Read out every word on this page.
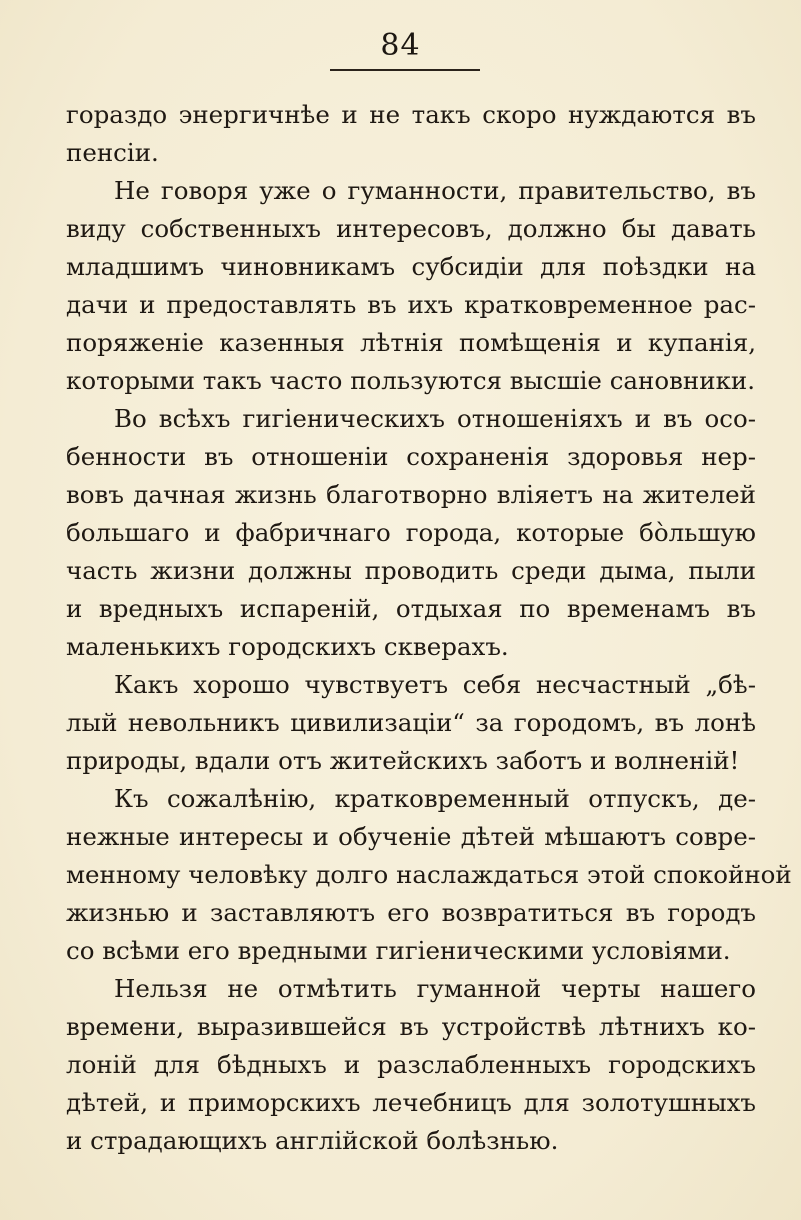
84
гораздо энергичнѣе и не такъ скоро нуждаются въ
пенсіи.
Не говоря уже о гуманности, правительство, въ
виду собственныхъ интересовъ, должно бы давать
младшимъ чиновникамъ субсидіи для поѣздки на
дачи и предоставлять въ ихъ кратковременное рас-
поряженіе казенныя лѣтнія помѣщенія и купанія,
которыми такъ часто пользуются высшіе сановники.
Во всѣхъ гигіеническихъ отношеніяхъ и въ осо-
бенности въ отношеніи сохраненія здоровья нер-
вовъ дачная жизнь благотворно вліяетъ на жителей
большаго и фабричнаго города, которые бо̀льшую
часть жизни должны проводить среди дыма, пыли
и вредныхъ испареній, отдыхая по временамъ въ
маленькихъ городскихъ скверахъ.
Какъ хорошо чувствуетъ себя несчастный „бѣ-
лый невольникъ цивилизаціи“ за городомъ, въ лонѣ
природы, вдали отъ житейскихъ заботъ и волненій!
Къ сожалѣнію, кратковременный отпускъ, де-
нежные интересы и обученіе дѣтей мѣшаютъ совре-
менному человѣку долго наслаждаться этой спокойной
жизнью и заставляютъ его возвратиться въ городъ
со всѣми его вредными гигіеническими условіями.
Нельзя не отмѣтить гуманной черты нашего
времени, выразившейся въ устройствѣ лѣтнихъ ко-
лоній для бѣдныхъ и разслабленныхъ городскихъ
дѣтей, и приморскихъ лечебницъ для золотушныхъ
и страдающихъ англійской болѣзнью.
